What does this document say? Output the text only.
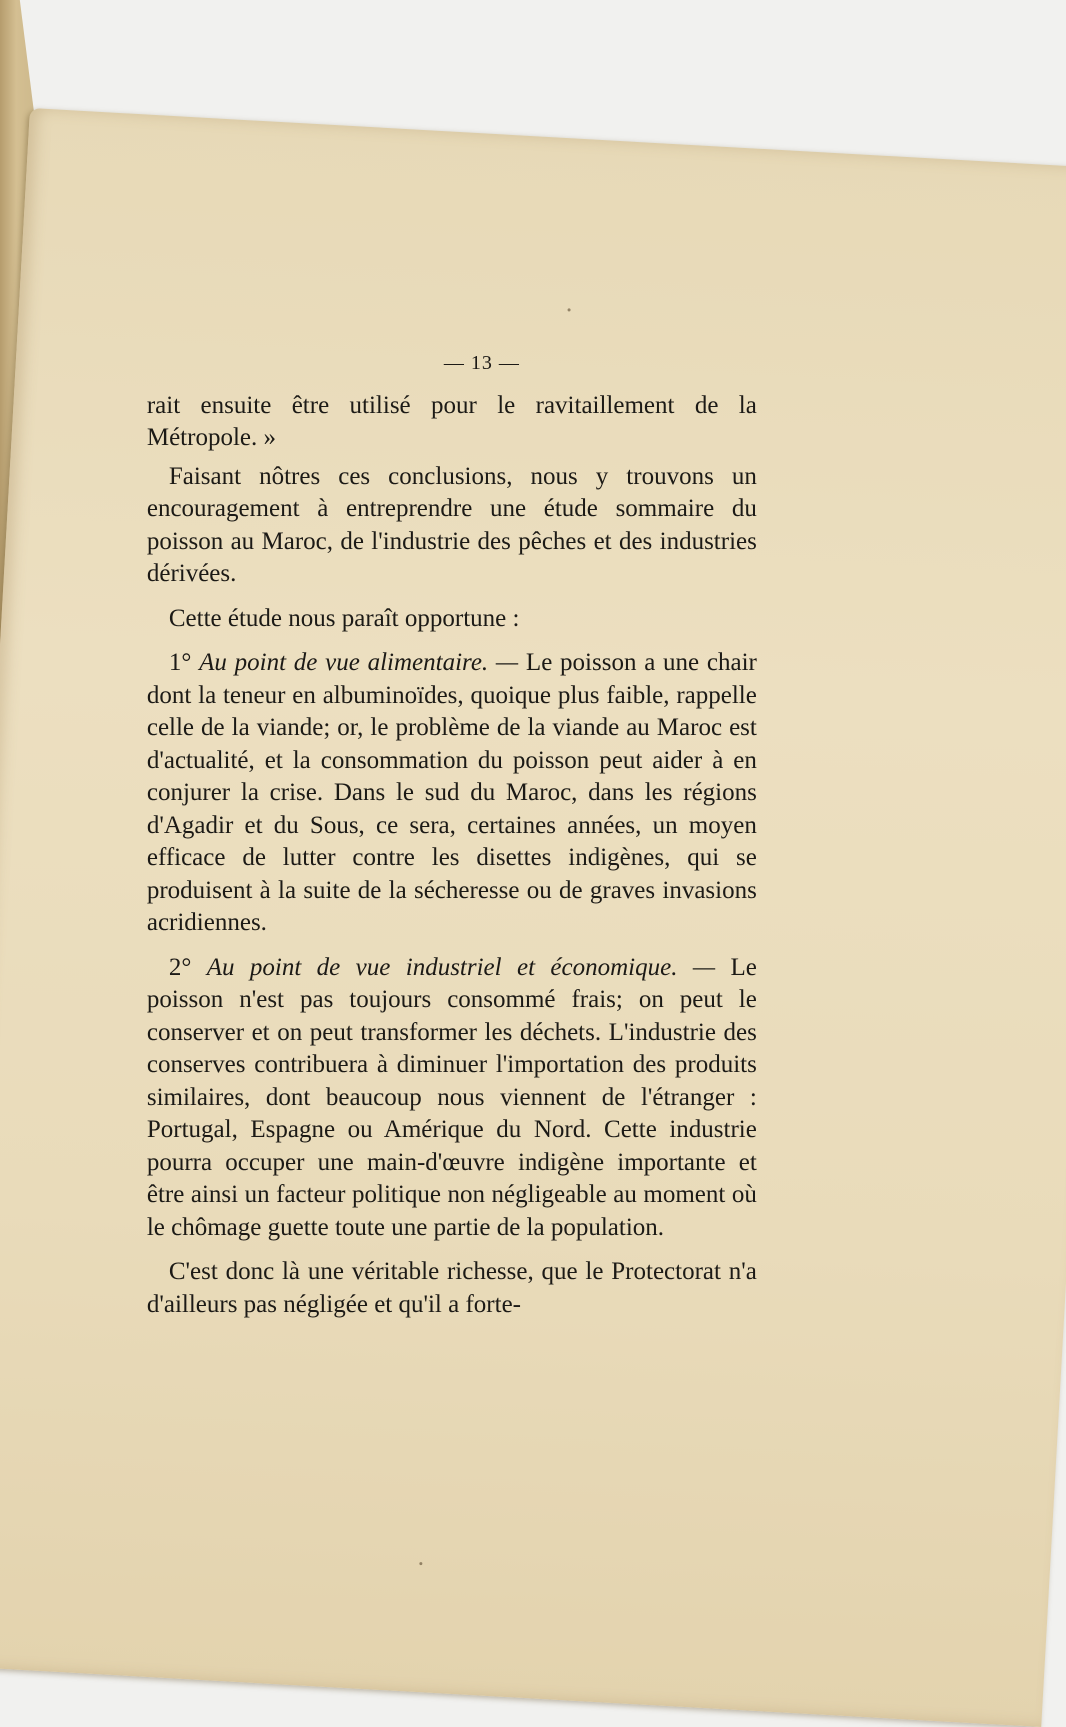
— 13 —

rait ensuite être utilisé pour le ravitaillement de la Métropole. »

Faisant nôtres ces conclusions, nous y trouvons un encouragement à entreprendre une étude sommaire du poisson au Maroc, de l'industrie des pêches et des industries dérivées.

Cette étude nous paraît opportune :

1° Au point de vue alimentaire. — Le poisson a une chair dont la teneur en albuminoïdes, quoique plus faible, rappelle celle de la viande; or, le problème de la viande au Maroc est d'actualité, et la consommation du poisson peut aider à en conjurer la crise. Dans le sud du Maroc, dans les régions d'Agadir et du Sous, ce sera, certaines années, un moyen efficace de lutter contre les disettes indigènes, qui se produisent à la suite de la sécheresse ou de graves invasions acridiennes.

2° Au point de vue industriel et économique. — Le poisson n'est pas toujours consommé frais; on peut le conserver et on peut transformer les déchets. L'industrie des conserves contribuera à diminuer l'importation des produits similaires, dont beaucoup nous viennent de l'étranger : Portugal, Espagne ou Amérique du Nord. Cette industrie pourra occuper une main-d'œuvre indigène importante et être ainsi un facteur politique non négligeable au moment où le chômage guette toute une partie de la population.

C'est donc là une véritable richesse, que le Protectorat n'a d'ailleurs pas négligée et qu'il a forte-
